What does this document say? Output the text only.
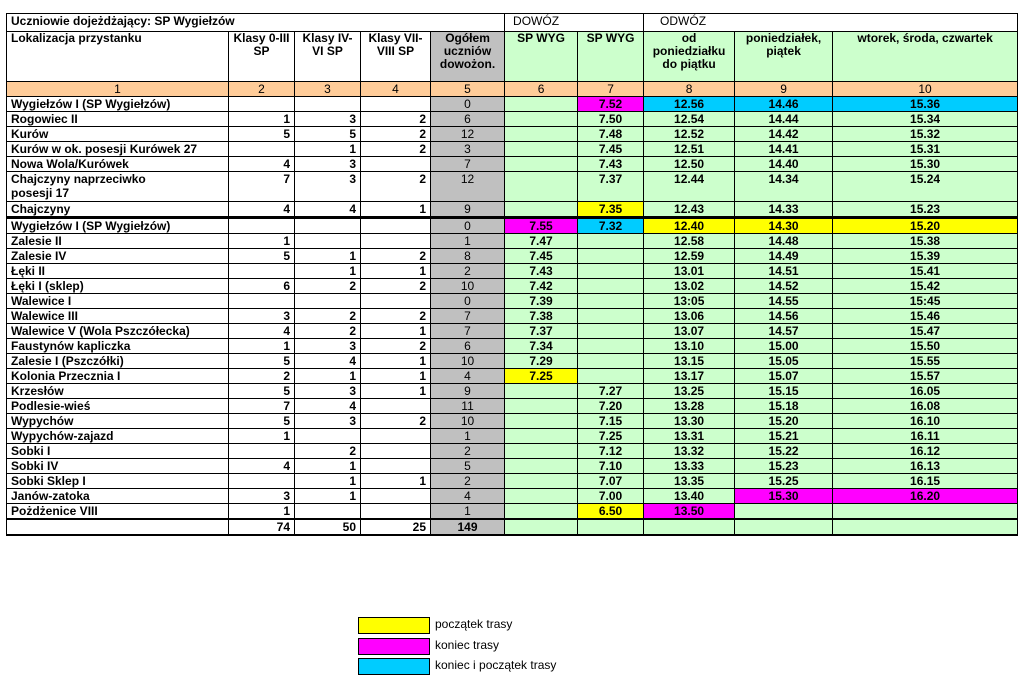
Uczniowie dojeżdżający: SP Wygiełzów					DOWÓZ		ODWÓZ		
Lokalizacja przystanku	Klasy 0-III SP	Klasy IV-VI SP	Klasy VII-VIII SP	Ogółem uczniów dowożon.	SP WYG	SP WYG	od poniedziałku do piątku	poniedziałek, piątek	wtorek, środa, czwartek
1	2	3	4	5	6	7	8	9	10
Wygiełzów I (SP Wygiełzów)				0		7.52	12.56	14.46	15.36
Rogowiec II	1	3	2	6		7.50	12.54	14.44	15.34
Kurów	5	5	2	12		7.48	12.52	14.42	15.32
Kurów w ok. posesji Kurówek 27		1	2	3		7.45	12.51	14.41	15.31
Nowa Wola/Kurówek	4	3		7		7.43	12.50	14.40	15.30
Chajczyny naprzeciwko
posesji 17	7	3	2	12		7.37	12.44	14.34	15.24
Chajczyny	4	4	1	9		7.35	12.43	14.33	15.23
Wygiełzów I (SP Wygiełzów)				0	7.55	7.32	12.40	14.30	15.20
Zalesie II	1			1	7.47		12.58	14.48	15.38
Zalesie IV	5	1	2	8	7.45		12.59	14.49	15.39
Łęki II		1	1	2	7.43		13.01	14.51	15.41
Łęki I (sklep)	6	2	2	10	7.42		13.02	14.52	15.42
Walewice I				0	7.39		13:05	14.55	15:45
Walewice III	3	2	2	7	7.38		13.06	14.56	15.46
Walewice V (Wola Pszczółecka)	4	2	1	7	7.37		13.07	14.57	15.47
Faustynów kapliczka	1	3	2	6	7.34		13.10	15.00	15.50
Zalesie I (Pszczółki)	5	4	1	10	7.29		13.15	15.05	15.55
Kolonia Przecznia I	2	1	1	4	7.25		13.17	15.07	15.57
Krzesłów	5	3	1	9		7.27	13.25	15.15	16.05
Podlesie-wieś	7	4		11		7.20	13.28	15.18	16.08
Wypychów	5	3	2	10		7.15	13.30	15.20	16.10
Wypychów-zajazd	1			1		7.25	13.31	15.21	16.11
Sobki I		2		2		7.12	13.32	15.22	16.12
Sobki IV	4	1		5		7.10	13.33	15.23	16.13
Sobki Sklep I		1	1	2		7.07	13.35	15.25	16.15
Janów-zatoka	3	1		4		7.00	13.40	15.30	16.20
Pożdżenice VIII	1			1		6.50	13.50		
	74	50	25	149					
początek trasy
koniec trasy
koniec i początek trasy
